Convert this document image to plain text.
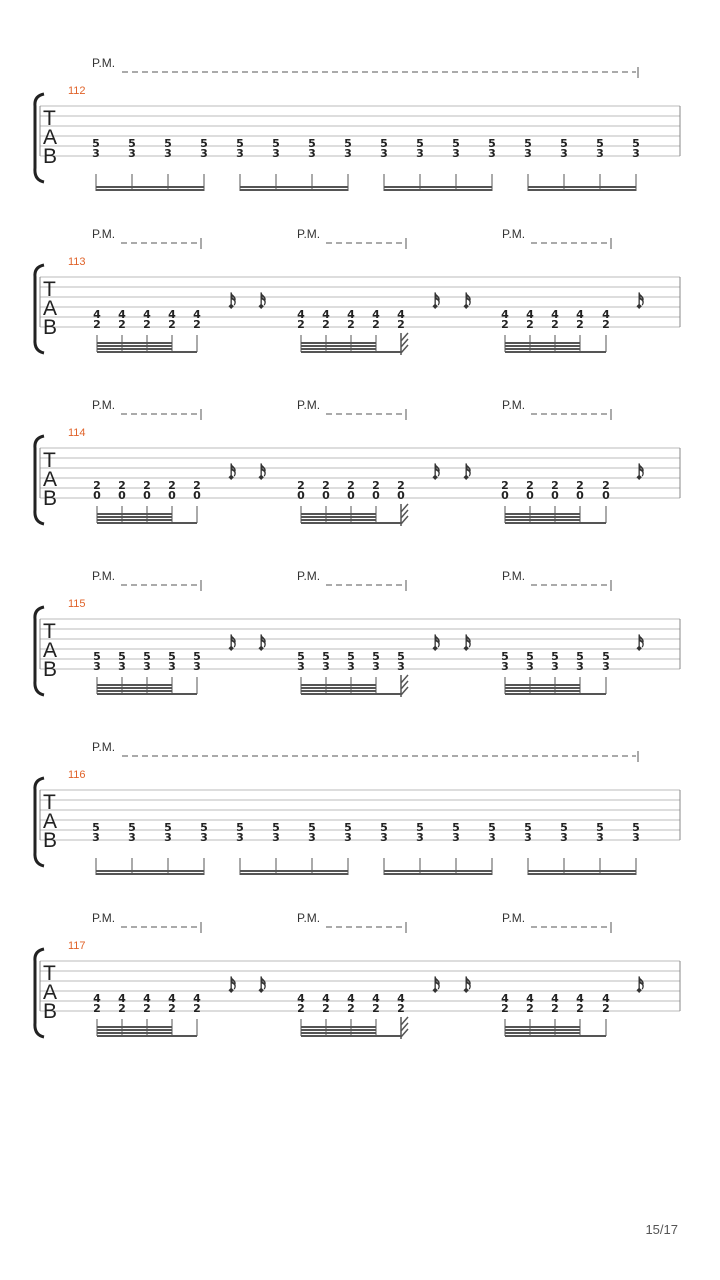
P.M.
112
T
A
B
5
3
5
3
5
3
5
3
5
3
5
3
5
3
5
3
5
3
5
3
5
3
5
3
5
3
5
3
5
3
5
3
P.M.	P.M.	P.M.
113
T
A
B
4
2
4
2
4
2
4
2
4
2
4
2
4
2
4
2
4
2
4
2
4
2
4
2
4
2
4
2
4
2
𝆺𝅥𝅯 𝆺𝅥𝅯	𝆺𝅥𝅯 𝆺𝅥𝅯	𝆺𝅥𝅯
P.M.	P.M.	P.M.
114
T
A
B
2
0
2
0
2
0
2
0
2
0
2
0
2
0
2
0
2
0
2
0
2
0
2
0
2
0
2
0
2
0
𝆺𝅥𝅯 𝆺𝅥𝅯	𝆺𝅥𝅯 𝆺𝅥𝅯	𝆺𝅥𝅯
P.M.	P.M.	P.M.
115
T
A
B
5
3
5
3
5
3
5
3
5
3
5
3
5
3
5
3
5
3
5
3
5
3
5
3
5
3
5
3
5
3
𝆺𝅥𝅯 𝆺𝅥𝅯	𝆺𝅥𝅯 𝆺𝅥𝅯	𝆺𝅥𝅯
P.M.
116
T
A
B
5
3
5
3
5
3
5
3
5
3
5
3
5
3
5
3
5
3
5
3
5
3
5
3
5
3
5
3
5
3
5
3
P.M.	P.M.	P.M.
117
T
A
B
4
2
4
2
4
2
4
2
4
2
4
2
4
2
4
2
4
2
4
2
4
2
4
2
4
2
4
2
4
2
𝆺𝅥𝅯 𝆺𝅥𝅯	𝆺𝅥𝅯 𝆺𝅥𝅯	𝆺𝅥𝅯
15/17
